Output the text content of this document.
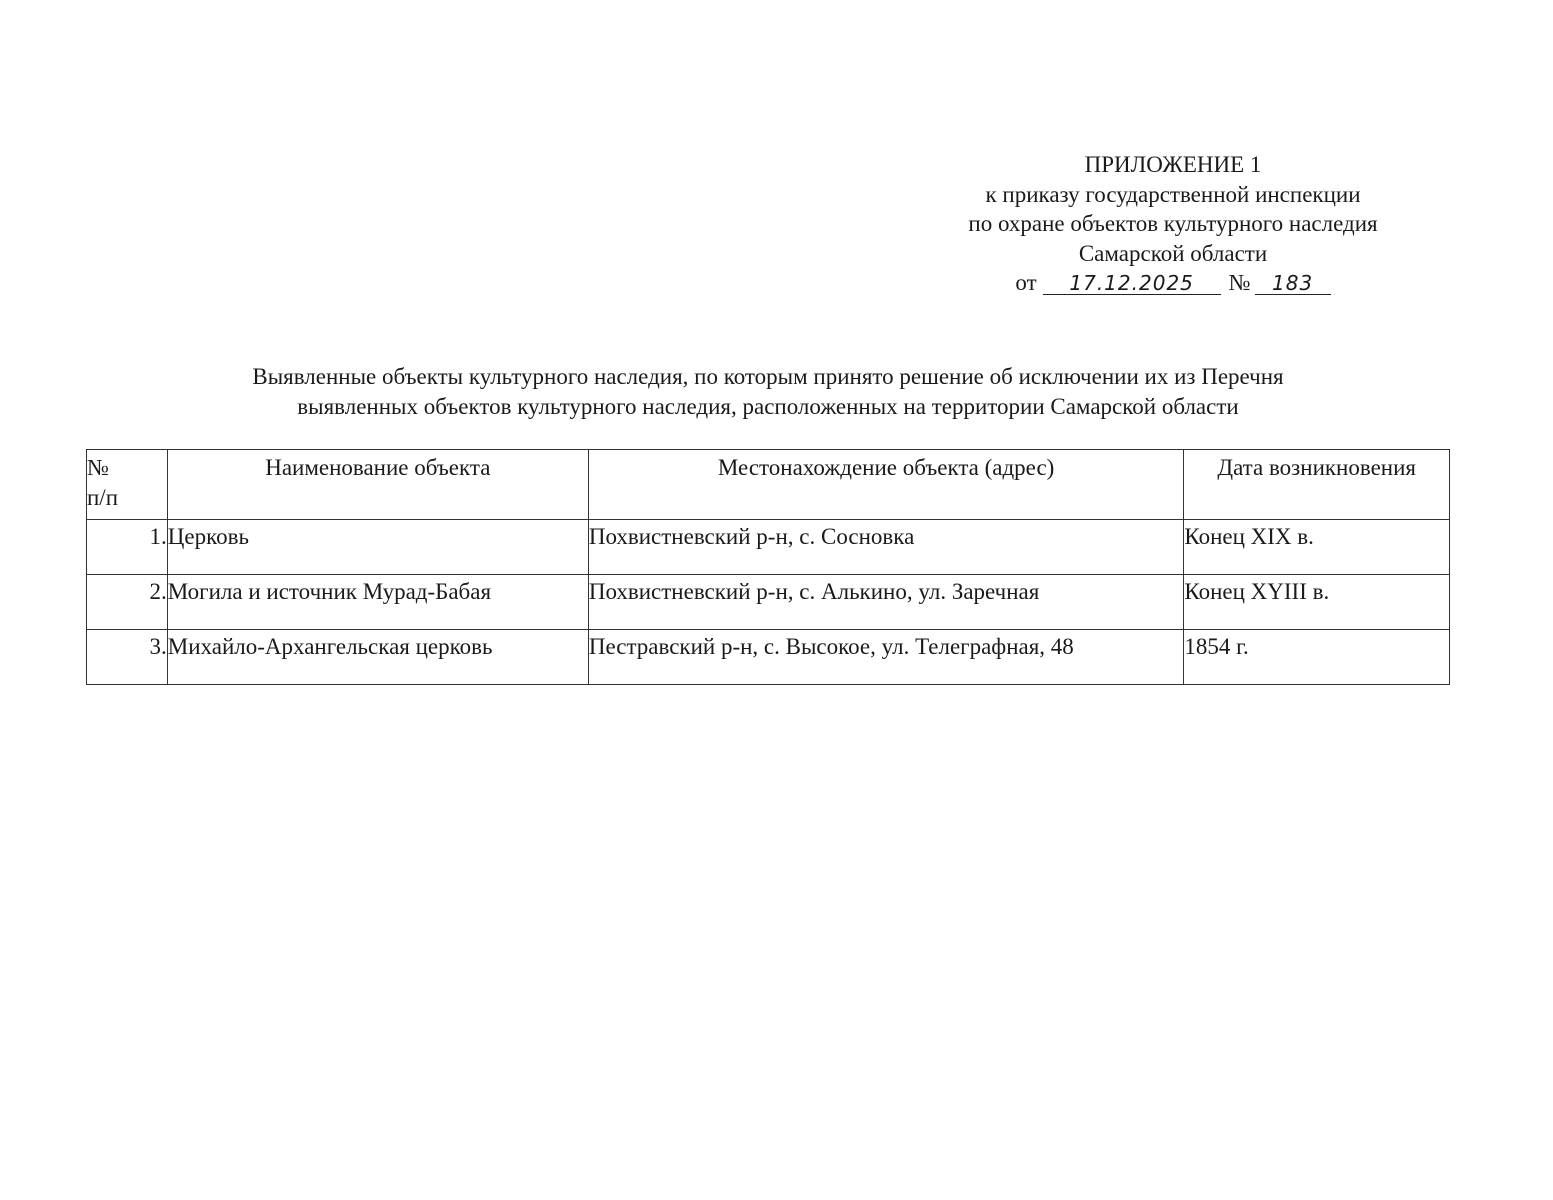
ПРИЛОЖЕНИЕ 1
к приказу государственной инспекции
по охране объектов культурного наследия
Самарской области
от 17.12.2025 № 183
Выявленные объекты культурного наследия, по которым принято решение об исключении их из Перечня
выявленных объектов культурного наследия, расположенных на территории Самарской области
№
п/п	Наименование объекта	Местонахождение объекта (адрес)	Дата возникновения
1.	Церковь	Похвистневский р-н, с. Сосновка	Конец XIX в.
2.	Могила и источник Мурад-Бабая	Похвистневский р-н, с. Алькино, ул. Заречная	Конец XYIII в.
3.	Михайло-Архангельская церковь	Пестравский р-н, с. Высокое, ул. Телеграфная, 48	1854 г.
